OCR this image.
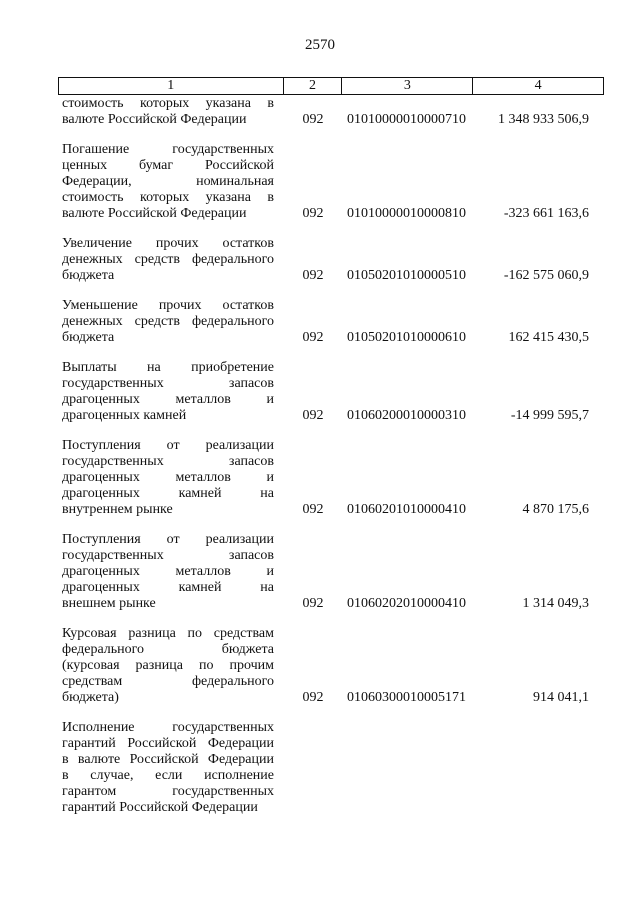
2570
1	2	3	4
стоимость которых указана в
валюте Российской Федерации	092 01010000010000710	1 348 933 506,9
Погашение государственных
ценных бумаг Российской
Федерации, номинальная
стоимость которых указана в
валюте Российской Федерации	092 01010000010000810	-323 661 163,6
Увеличение прочих остатков
денежных средств федерального
бюджета	092 01050201010000510	-162 575 060,9
Уменьшение прочих остатков
денежных средств федерального
бюджета	092 01050201010000610	162 415 430,5
Выплаты на приобретение
государственных запасов
драгоценных металлов и
драгоценных камней	092 01060200010000310	-14 999 595,7
Поступления от реализации
государственных запасов
драгоценных металлов и
драгоценных камней на
внутреннем рынке	092 01060201010000410	4 870 175,6
Поступления от реализации
государственных запасов
драгоценных металлов и
драгоценных камней на
внешнем рынке	092 01060202010000410	1 314 049,3
Курсовая разница по средствам
федерального бюджета
(курсовая разница по прочим
средствам федерального
бюджета)	092 01060300010005171	914 041,1
Исполнение государственных
гарантий Российской Федерации
в валюте Российской Федерации
в случае, если исполнение
гарантом государственных
гарантий Российской Федерации
